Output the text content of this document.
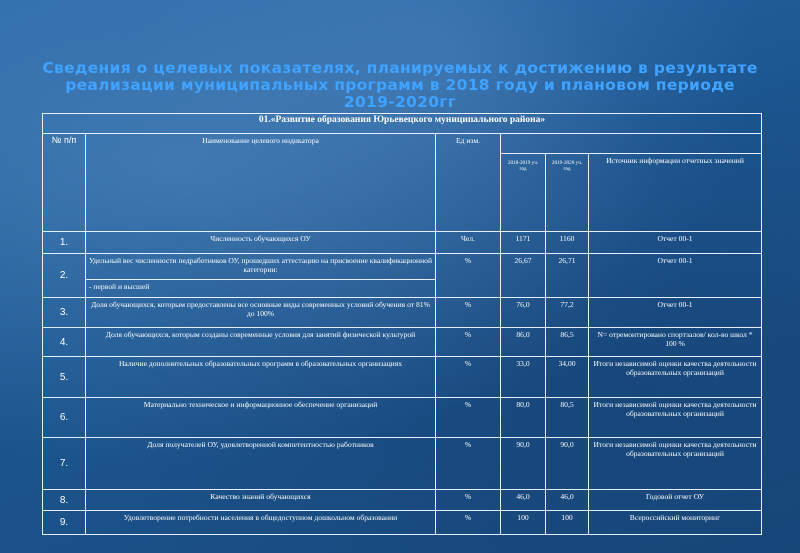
Сведения о целевых показателях, планируемых к достижению в результате реализации муниципальных программ в 2018 году и плановом периоде 2019-2020гг
01.«Развитие образования Юрьевецкого муниципального района»					
№ п/п	Наименование целевого индикатора	Ед изм.			
			2018-2019 уч. год	2019-2020 уч. год	Источник информации отчетных значений
1.	Численность обучающихся ОУ	Чел.	1171	1160	Отчет 00-1
2.	Удельный вес численности педработников ОУ, прошедших аттестацию на присвоение квалификационной категории:	%	26,67	26,71	Отчет 00-1
	- первой и высшей				
3.	Доля обучающихся, которым предоставлены все основные виды современных условий обучения от 81% до 100%	%	76,0	77,2	Отчет 00-1
4.	Доля обучающихся, которым созданы современные условия для занятий физической культурой	%	86,0	86,5	N= отремонтировано спортзалов/ кол-во школ * 100 %
5.	Наличие дополнительных образовательных программ в образовательных организациях	%	33,0	34,00	Итоги независимой оценки качества деятельности образовательных организаций
6.	Материально техническое и информационное обеспечение организаций	%	80,0	80,5	Итоги независимой оценки качества деятельности образовательных организаций
7.	Доля получателей ОУ, удовлетворенной компетентностью работников	%	90,0	90,0	Итоги независимой оценки качества деятельности образовательных организаций
8.	Качество знаний обучающихся	%	46,0	46,0	Годовой отчет ОУ
9.	Удовлетворение потребности населения в общедоступном дошкольном образовании	%	100	100	Всероссийский мониторинг
